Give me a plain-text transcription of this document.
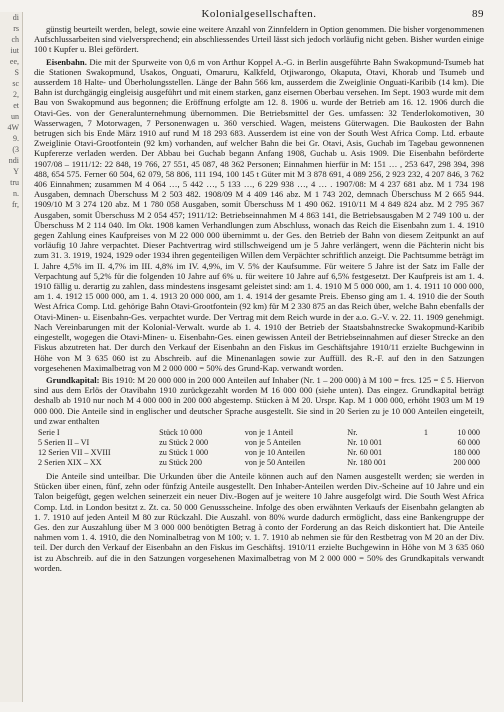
di
rs
ch
iut
ee,
S
sc
2,
et
un
4W
9.
(3
ndi
Y
tru
n.
fr,
Kolonialgesellschaften.	89

günstig beurteilt werden, belegt, sowie eine weitere Anzahl von Zinnfeldern in Option genommen. Die bisher vorgenommenen Aufschlussarbeiten sind vielversprechend; ein abschliessendes Urteil lässt sich jedoch vorläufig nicht geben. Bisher wurden einige 100 t Kupfer u. Blei gefördert.

Eisenbahn. Die mit der Spurweite von 0,6 m von Arthur Koppel A.-G. in Berlin ausgeführte Bahn Swakopmund-Tsumeb hat die Stationen Swakopmund, Usakos, Onguati, Omaruru, Kalkfeld, Otjiwarongo, Okaputa, Otavi, Khorab und Tsumeb und ausserdem 18 Halte- und Überholungsstellen. Länge der Bahn 566 km, ausserdem die Zweiglinie Onguati-Karibib (14 km). Die Bahn ist durchgängig eingleisig ausgeführt und mit einem starken, ganz eisernen Oberbau versehen. Im Sept. 1903 wurde mit dem Bau von Swakopmund aus begonnen; die Eröffnung erfolgte am 12. 8. 1906 u. wurde der Betrieb am 16. 12. 1906 durch die Otavi-Ges. von der Generalunternehmung übernommen. Die Betriebsmittel der Ges. umfassen: 32 Tenderlokomotiven, 30 Wasserwagen, 7 Motorwagen, 7 Personenwagen u. 360 verschied. Wagen, meistens Güterwagen. Die Baukosten der Bahn betrugen sich bis Ende März 1910 auf rund M 18 293 683. Ausserdem ist eine von der South West Africa Comp. Ltd. erbaute Zweiglinie Otavi-Grootfontein (92 km) vorhanden, auf welcher Bahn die bei Gr. Otavi, Asis, Guchab im Tagebau gewonnenen Kupfererze verladen werden. Der Abbau bei Guchab begann Anfang 1908, Guchab u. Asis 1909. Die Eisenbahn beförderte 1907/08 – 1911/12: 22 848, 19 766, 27 551, 45 087, 48 362 Personen; Einnahmen hierfür in M: 151 … , 253 647, 298 394, 398 488, 654 575. Ferner 60 504, 62 079, 58 806, 111 194, 100 145 t Güter mit M 3 878 691, 4 089 256, 2 923 232, 4 207 846, 3 762 406 Einnahmen; zusammen M 4 064 …, 5 442 …, 5 133 …, 6 229 938 …, 4 … . 1907/08: M 4 237 681 abz. M 1 734 198 Ausgaben, demnach Überschuss M 2 503 482. 1908/09 M 4 409 146 abz. M 1 743 202, demnach Überschuss M 2 665 944. 1909/10 M 3 274 120 abz. M 1 780 058 Ausgaben, somit Überschuss M 1 490 062. 1910/11 M 4 849 824 abz. M 2 795 367 Ausgaben, somit Überschuss M 2 054 457; 1911/12: Betriebseinnahmen M 4 863 141, die Betriebsausgaben M 2 749 100 u. der Überschuss M 2 114 040. Im Okt. 1908 kamen Verhandlungen zum Abschluss, wonach das Reich die Eisenbahn zum 1. 4. 1910 gegen Zahlung eines Kaufpreises von M 22 000 000 übernimmt u. der Ges. den Betrieb der Bahn von diesem Zeitpunkt an auf vorläufig 10 Jahre verpachtet. Dieser Pachtvertrag wird stillschweigend um je 5 Jahre verlängert, wenn die Pächterin nicht bis zum 31. 3. 1919, 1924, 1929 oder 1934 ihren gegenteiligen Willen dem Verpächter schriftlich anzeigt. Die Pachtsumme beträgt im I. Jahre 4,5% im II. 4,7% im III. 4,8% im IV. 4,9%, im V. 5% der Kaufsumme. Für weitere 5 Jahre ist der Satz im Falle der Verpachtung auf 5,2% für die folgenden 10 Jahre auf 6% u. für weitere 10 Jahre auf 6,5% festgesetzt. Der Kaufpreis ist am 1. 4. 1910 fällig u. derartig zu zahlen, dass mindestens insgesamt geleistet sind: am 1. 4. 1910 M 5 000 000, am 1. 4. 1911 10 000 000, am 1. 4. 1912 15 000 000, am 1. 4. 1913 20 000 000, am 1. 4. 1914 der gesamte Preis. Ebenso ging am 1. 4. 1910 die der South West Africa Comp. Ltd. gehörige Bahn Otavi-Grootfontein (92 km) für M 2 330 875 an das Reich über, welche Bahn ebenfalls der Otavi-Minen- u. Eisenbahn-Ges. verpachtet wurde. Der Vertrag mit dem Reich wurde in der a.o. G.-V. v. 22. 11. 1909 genehmigt. Nach Vereinbarungen mit der Kolonial-Verwalt. wurde ab 1. 4. 1910 der Betrieb der Staatsbahnstrecke Swakopmund-Karibib eingestellt, wogegen die Otavi-Minen- u. Eisenbahn-Ges. einen gewissen Anteil der Betriebseinnahmen auf dieser Strecke an den Fiskus abzutreten hat. Der durch den Verkauf der Eisenbahn an den Fiskus im Geschäftsjahre 1910/11 erzielte Buchgewinn in Höhe von M 3 635 060 ist zu Abschreib. auf die Minenanlagen sowie zur Auffüll. des R.-F. auf den in den Satzungen vorgesehenen Maximalbetrag von M 2 000 000 = 50% des Grund-Kap. verwandt worden.

Grundkapital: Bis 1910: M 20 000 000 in 200 000 Anteilen auf Inhaber (Nr. 1 – 200 000) à M 100 = frcs. 125 = £ 5. Hiervon sind aus dem Erlös der Otavibahn 1910 zurückgezahlt worden M 16 000 000 (siehe unten). Das eingez. Grundkapital beträgt deshalb ab 1910 nur noch M 4 000 000 in 200 000 abgestemp. Stücken à M 20. Urspr. Kap. M 1 000 000, erhöht 1903 um M 19 000 000. Die Anteile sind in englischer und deutscher Sprache ausgestellt. Sie sind in 20 Serien zu je 10 000 Anteilen eingeteilt, und zwar enthalten

Serie I	Stück 10 000	von je 1 Anteil	Nr.	1	10 000
5 Serien II – VI	zu Stück 2 000	von je 5 Anteilen	Nr. 10 001		60 000
12 Serien VII – XVIII	zu Stück 1 000	von je 10 Anteilen	Nr. 60 001		180 000
2 Serien XIX – XX	zu Stück 200	von je 50 Anteilen	Nr. 180 001		200 000

Die Anteile sind unteilbar. Die Urkunden über die Anteile können auch auf den Namen ausgestellt werden; sie werden in Stücken über einen, fünf, zehn oder fünfzig Anteile ausgestellt. Den Inhaber-Anteilen werden Div.-Scheine auf 10 Jahre und ein Talon beigefügt, gegen welchen seinerzeit ein neuer Div.-Bogen auf je weitere 10 Jahre ausgefolgt wird. Die South West Africa Comp. Ltd. in London besitzt z. Zt. ca. 50 000 Genussscheine. Infolge des oben erwähnten Verkaufs der Eisenbahn gelangten ab 1. 7. 1910 auf jeden Anteil M 80 zur Rückzahl. Die Auszahl. von 80% wurde dadurch ermöglicht, dass eine Bankengruppe der Ges. den zur Auszahlung über M 3 000 000 benötigten Betrag à conto der Forderung an das Reich diskontiert hat. Die Anteile nahmen vom 1. 4. 1910, die den Nominalbetrag von M 100; v. 1. 7. 1910 ab nehmen sie für den Restbetrag von M 20 an der Div. teil. Der durch den Verkauf der Eisenbahn an den Fiskus im Geschäftsj. 1910/11 erzielte Buchgewinn in Höhe von M 3 635 060 ist zu Abschreib. auf die in den Satzungen vorgesehenen Maximalbetrag von M 2 000 000 = 50% des Grundkapitals verwandt worden.
